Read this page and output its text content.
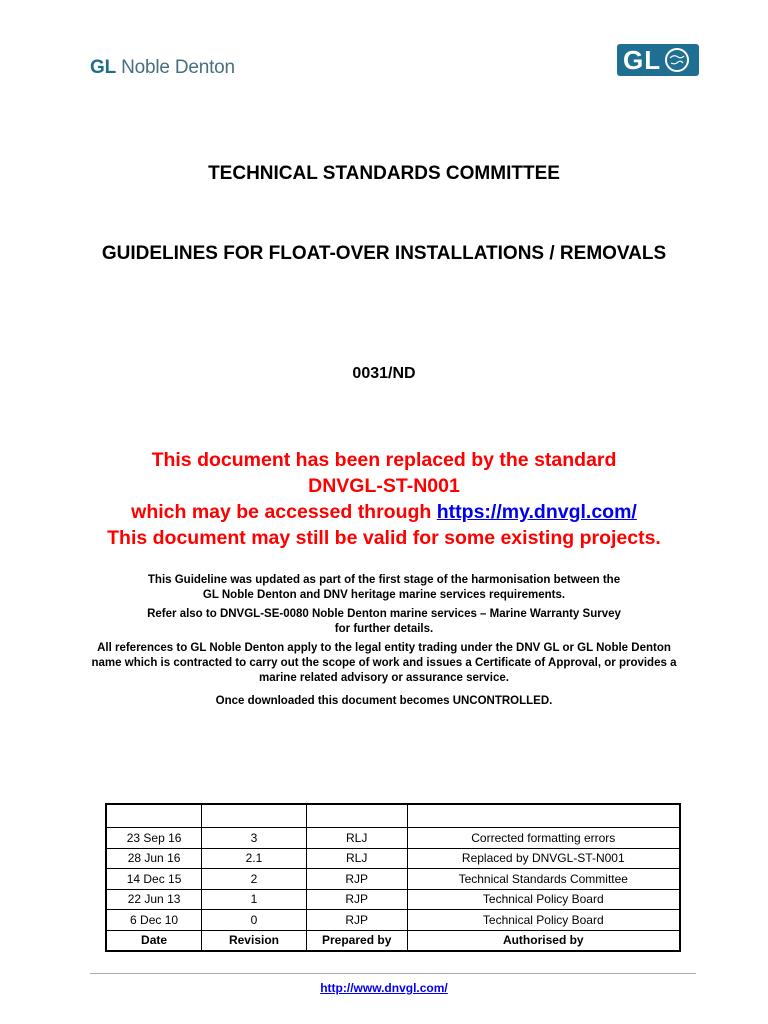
GL Noble Denton	GL
TECHNICAL STANDARDS COMMITTEE
GUIDELINES FOR FLOAT-OVER INSTALLATIONS / REMOVALS
0031/ND
This document has been replaced by the standard
DNVGL-ST-N001
which may be accessed through https://my.dnvgl.com/
This document may still be valid for some existing projects.

This Guideline was updated as part of the first stage of the harmonisation between the
GL Noble Denton and DNV heritage marine services requirements.

Refer also to DNVGL-SE-0080 Noble Denton marine services – Marine Warranty Survey
for further details.

All references to GL Noble Denton apply to the legal entity trading under the DNV GL or GL Noble Denton
name which is contracted to carry out the scope of work and issues a Certificate of Approval, or provides a
marine related advisory or assurance service.

Once downloaded this document becomes UNCONTROLLED.

23 Sep 16	3	RLJ	Corrected formatting errors
28 Jun 16	2.1	RLJ	Replaced by DNVGL-ST-N001
14 Dec 15	2	RJP	Technical Standards Committee
22 Jun 13	1	RJP	Technical Policy Board
6 Dec 10	0	RJP	Technical Policy Board
Date	Revision	Prepared by	Authorised by
http://www.dnvgl.com/
